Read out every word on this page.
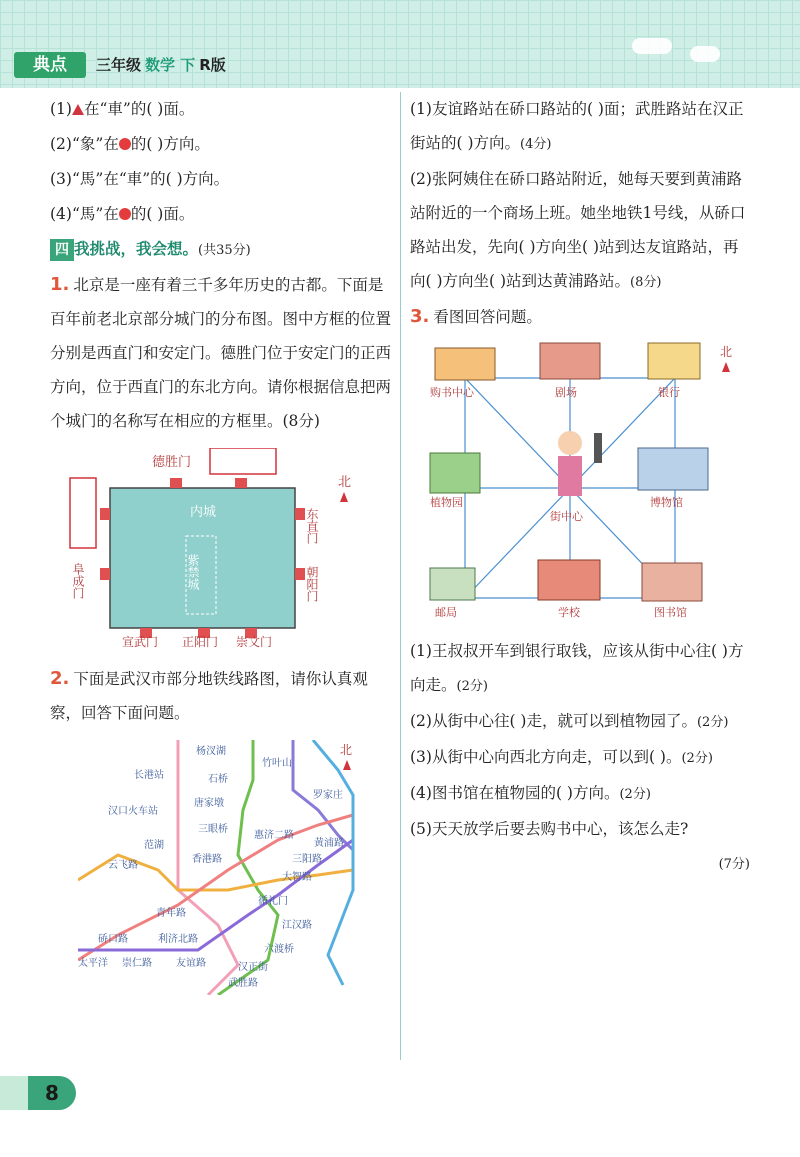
典点	三年级 数学 下 R版
(1) 在“車”的( )面。
(2)“象”在 的( )方向。
(3)“馬”在“車”的( )方向。
(4)“馬”在 的( )面。
四 我挑战，我会想。(共35分)
1. 北京是一座有着三千多年历史的古都。下面是百年前老北京部分城门的分布图。图中方框的位置分别是西直门和安定门。德胜门位于安定门的正西方向，位于西直门的东北方向。请你根据信息把两个城门的名称写在相应的方框里。(8分)
德胜门
北
内城
紫禁城
东直门
朝阳门
阜成门
宣武门 正阳门 崇文门
2. 下面是武汉市部分地铁线路图，请你认真观察，回答下面问题。
北
杨汊湖
竹叶山
长港站	石桥
罗家庄
汉口火车站
唐家墩
三眼桥
惠济二路
黄浦路
范湖
香港路	三阳路
云飞路
大智路
青年路
循礼门
江汉路
硚口路	利济北路
六渡桥
太平洋 崇仁路 友谊路	汉正街
武胜路
(1)友谊路站在硚口路站的( )面；武胜路站在汉正街站的( )方向。(4分)
(2)张阿姨住在硚口路站附近，她每天要到黄浦路站附近的一个商场上班。她坐地铁1号线，从硚口路站出发，先向( )方向坐( )站到达友谊路站，再向( )方向坐( )站到达黄浦路站。(8分)
3. 看图回答问题。
北
购书中心	剧场	银行
植物园	博物馆
街中心
邮局	学校	图书馆
(1)王叔叔开车到银行取钱，应该从街中心往( )方向走。(2分)
(2)从街中心往( )走，就可以到植物园了。(2分)
(3)从街中心向西北方向走，可以到( )。(2分)
(4)图书馆在植物园的( )方向。(2分)
(5)天天放学后要去购书中心，该怎么走?
(7分)
8
